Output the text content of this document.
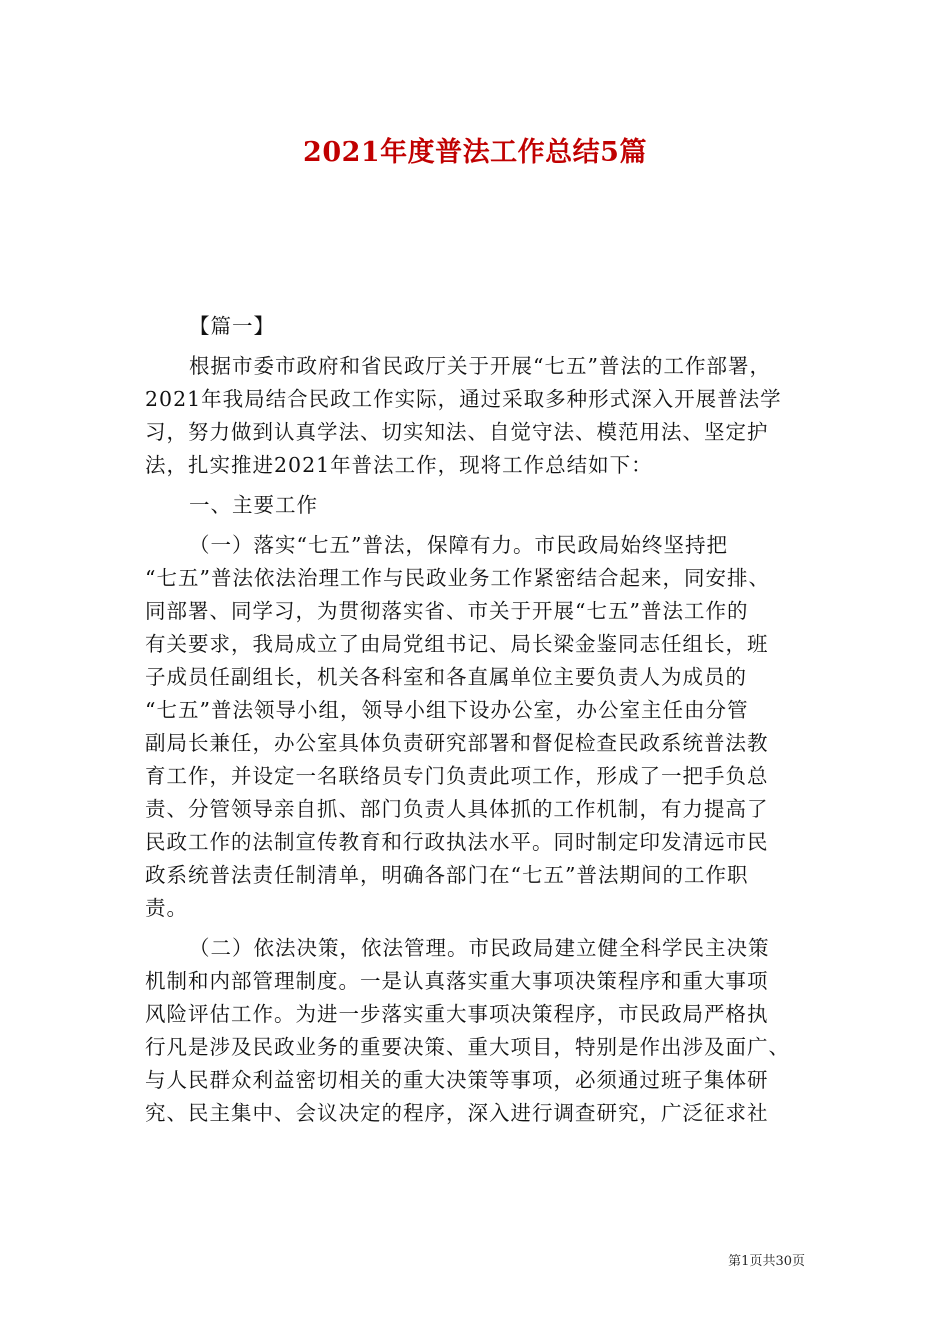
2021年度普法工作总结5篇
【篇一】
根据市委市政府和省民政厅关于开展“七五”普法的工作部署，
2021年我局结合民政工作实际，通过采取多种形式深入开展普法学
习，努力做到认真学法、切实知法、自觉守法、模范用法、坚定护
法，扎实推进2021年普法工作，现将工作总结如下：
一、主要工作
（一）落实“七五”普法，保障有力。市民政局始终坚持把
“七五”普法依法治理工作与民政业务工作紧密结合起来，同安排、
同部署、同学习，为贯彻落实省、市关于开展“七五”普法工作的
有关要求，我局成立了由局党组书记、局长梁金鉴同志任组长，班
子成员任副组长，机关各科室和各直属单位主要负责人为成员的
“七五”普法领导小组，领导小组下设办公室，办公室主任由分管
副局长兼任，办公室具体负责研究部署和督促检查民政系统普法教
育工作，并设定一名联络员专门负责此项工作，形成了一把手负总
责、分管领导亲自抓、部门负责人具体抓的工作机制，有力提高了
民政工作的法制宣传教育和行政执法水平。同时制定印发清远市民
政系统普法责任制清单，明确各部门在“七五”普法期间的工作职
责。
（二）依法决策，依法管理。市民政局建立健全科学民主决策
机制和内部管理制度。一是认真落实重大事项决策程序和重大事项
风险评估工作。为进一步落实重大事项决策程序，市民政局严格执
行凡是涉及民政业务的重要决策、重大项目，特别是作出涉及面广、
与人民群众利益密切相关的重大决策等事项，必须通过班子集体研
究、民主集中、会议决定的程序，深入进行调查研究，广泛征求社
第1页共30页
